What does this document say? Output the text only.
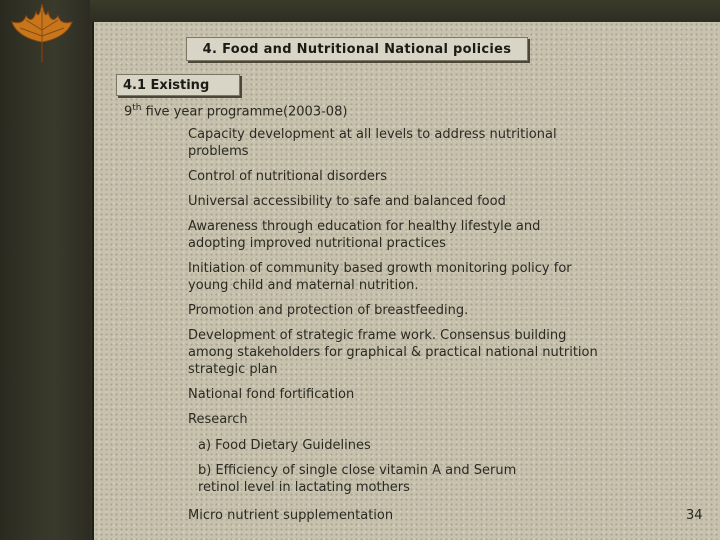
4. Food and Nutritional National policies
4.1 Existing

9th five year programme(2003-08)

Capacity development at all levels to address nutritional problems

Control of nutritional disorders

Universal accessibility to safe and balanced food

Awareness through education for healthy lifestyle and adopting improved nutritional practices

Initiation of community based growth monitoring policy for young child and maternal nutrition.

Promotion and protection of breastfeeding.

Development of strategic frame work. Consensus building among stakeholders for graphical & practical national nutrition strategic plan

National fond fortification

Research

a) Food Dietary Guidelines

b) Efficiency of single close vitamin A and Serum retinol level in lactating mothers

Micro nutrient supplementation	34
